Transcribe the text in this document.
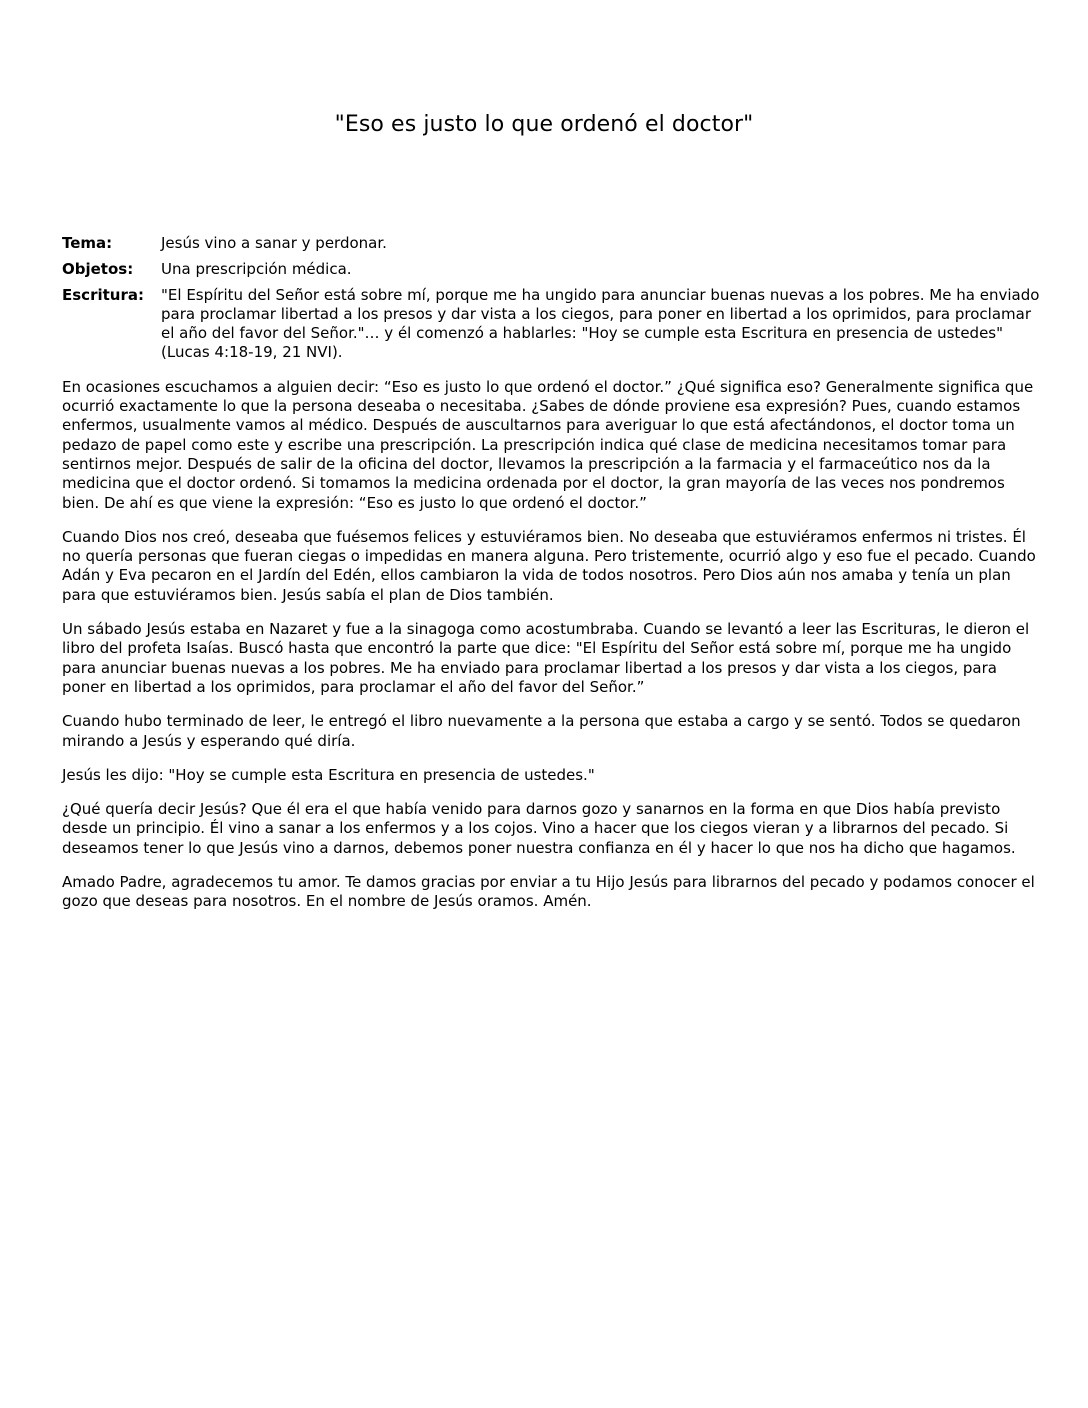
"Eso es justo lo que ordenó el doctor"
Tema:	Jesús vino a sanar y perdonar.
Objetos:	Una prescripción médica.
Escritura:	"El Espíritu del Señor está sobre mí, porque me ha ungido para anunciar buenas nuevas a los pobres. Me ha enviado para proclamar libertad a los presos y dar vista a los ciegos, para poner en libertad a los oprimidos, para proclamar el año del favor del Señor."… y él comenzó a hablarles: "Hoy se cumple esta Escritura en presencia de ustedes" (Lucas 4:18-19, 21 NVI).

En ocasiones escuchamos a alguien decir: “Eso es justo lo que ordenó el doctor.” ¿Qué significa eso? Generalmente significa que ocurrió exactamente lo que la persona deseaba o necesitaba. ¿Sabes de dónde proviene esa expresión? Pues, cuando estamos enfermos, usualmente vamos al médico. Después de auscultarnos para averiguar lo que está afectándonos, el doctor toma un pedazo de papel como este y escribe una prescripción. La prescripción indica qué clase de medicina necesitamos tomar para sentirnos mejor. Después de salir de la oficina del doctor, llevamos la prescripción a la farmacia y el farmaceútico nos da la medicina que el doctor ordenó. Si tomamos la medicina ordenada por el doctor, la gran mayoría de las veces nos pondremos bien. De ahí es que viene la expresión: “Eso es justo lo que ordenó el doctor.”

Cuando Dios nos creó, deseaba que fuésemos felices y estuviéramos bien. No deseaba que estuviéramos enfermos ni tristes. Él no quería personas que fueran ciegas o impedidas en manera alguna. Pero tristemente, ocurrió algo y eso fue el pecado. Cuando Adán y Eva pecaron en el Jardín del Edén, ellos cambiaron la vida de todos nosotros. Pero Dios aún nos amaba y tenía un plan para que estuviéramos bien. Jesús sabía el plan de Dios también.

Un sábado Jesús estaba en Nazaret y fue a la sinagoga como acostumbraba. Cuando se levantó a leer las Escrituras, le dieron el libro del profeta Isaías. Buscó hasta que encontró la parte que dice: "El Espíritu del Señor está sobre mí, porque me ha ungido para anunciar buenas nuevas a los pobres. Me ha enviado para proclamar libertad a los presos y dar vista a los ciegos, para poner en libertad a los oprimidos, para proclamar el año del favor del Señor.”

Cuando hubo terminado de leer, le entregó el libro nuevamente a la persona que estaba a cargo y se sentó. Todos se quedaron mirando a Jesús y esperando qué diría.

Jesús les dijo: "Hoy se cumple esta Escritura en presencia de ustedes."

¿Qué quería decir Jesús? Que él era el que había venido para darnos gozo y sanarnos en la forma en que Dios había previsto desde un principio. Él vino a sanar a los enfermos y a los cojos. Vino a hacer que los ciegos vieran y a librarnos del pecado. Si deseamos tener lo que Jesús vino a darnos, debemos poner nuestra confianza en él y hacer lo que nos ha dicho que hagamos.

Amado Padre, agradecemos tu amor. Te damos gracias por enviar a tu Hijo Jesús para librarnos del pecado y podamos conocer el gozo que deseas para nosotros. En el nombre de Jesús oramos. Amén.
